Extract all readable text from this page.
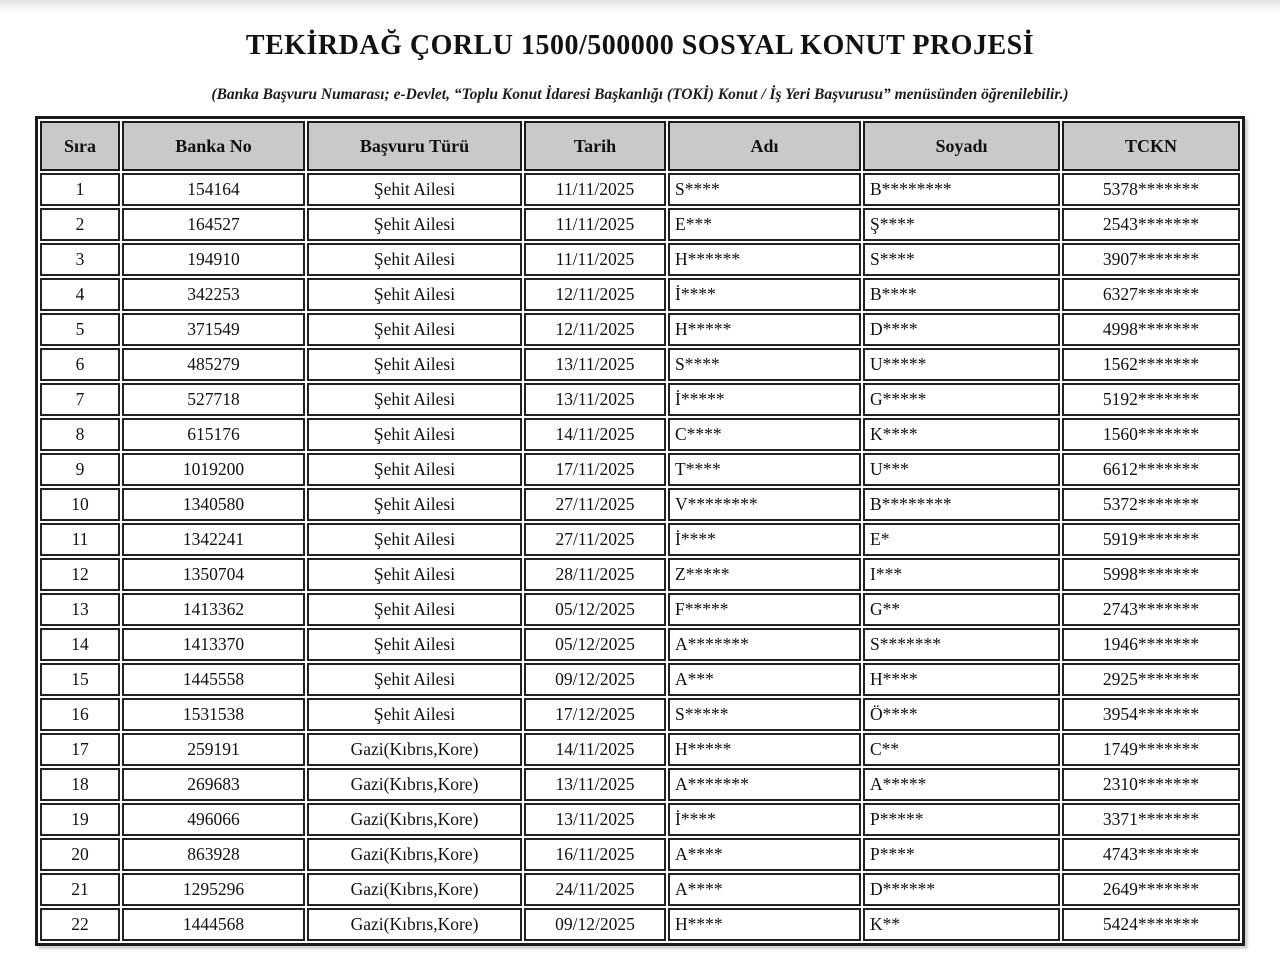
TEKİRDAĞ ÇORLU 1500/500000 SOSYAL KONUT PROJESİ
(Banka Başvuru Numarası; e-Devlet, “Toplu Konut İdaresi Başkanlığı (TOKİ) Konut / İş Yeri Başvurusu” menüsünden öğrenilebilir.)
Sıra	Banka No	Başvuru Türü	Tarih	Adı	Soyadı	TCKN
1	154164	Şehit Ailesi	11/11/2025	S****	B********	5378*******
2	164527	Şehit Ailesi	11/11/2025	E***	Ş****	2543*******
3	194910	Şehit Ailesi	11/11/2025	H******	S****	3907*******
4	342253	Şehit Ailesi	12/11/2025	İ****	B****	6327*******
5	371549	Şehit Ailesi	12/11/2025	H*****	D****	4998*******
6	485279	Şehit Ailesi	13/11/2025	S****	U*****	1562*******
7	527718	Şehit Ailesi	13/11/2025	İ*****	G*****	5192*******
8	615176	Şehit Ailesi	14/11/2025	C****	K****	1560*******
9	1019200	Şehit Ailesi	17/11/2025	T****	U***	6612*******
10	1340580	Şehit Ailesi	27/11/2025	V********	B********	5372*******
11	1342241	Şehit Ailesi	27/11/2025	İ****	E*	5919*******
12	1350704	Şehit Ailesi	28/11/2025	Z*****	I***	5998*******
13	1413362	Şehit Ailesi	05/12/2025	F*****	G**	2743*******
14	1413370	Şehit Ailesi	05/12/2025	A*******	S*******	1946*******
15	1445558	Şehit Ailesi	09/12/2025	A***	H****	2925*******
16	1531538	Şehit Ailesi	17/12/2025	S*****	Ö****	3954*******
17	259191	Gazi(Kıbrıs,Kore)	14/11/2025	H*****	C**	1749*******
18	269683	Gazi(Kıbrıs,Kore)	13/11/2025	A*******	A*****	2310*******
19	496066	Gazi(Kıbrıs,Kore)	13/11/2025	İ****	P*****	3371*******
20	863928	Gazi(Kıbrıs,Kore)	16/11/2025	A****	P****	4743*******
21	1295296	Gazi(Kıbrıs,Kore)	24/11/2025	A****	D******	2649*******
22	1444568	Gazi(Kıbrıs,Kore)	09/12/2025	H****	K**	5424*******
